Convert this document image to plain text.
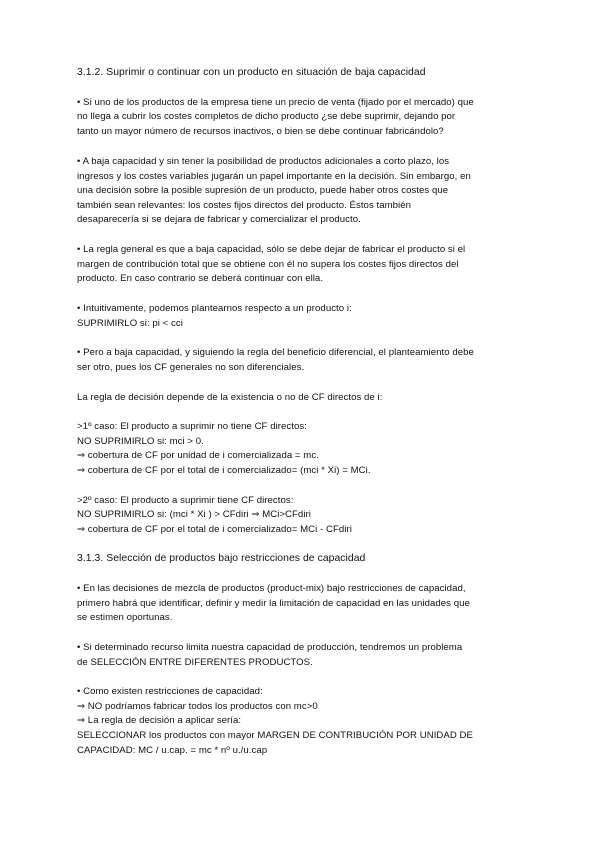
3.1.2. Suprimir o continuar con un producto en situación de baja capacidad
• Si uno de los productos de la empresa tiene un precio de venta (fijado por el mercado) que
no llega a cubrir los costes completos de dicho producto ¿se debe suprimir, dejando por
tanto un mayor número de recursos inactivos, o bien se debe continuar fabricándolo?
• A baja capacidad y sin tener la posibilidad de productos adicionales a corto plazo, los
ingresos y los costes variables jugarán un papel importante en la decisión. Sin embargo, en
una decisión sobre la posible supresión de un producto, puede haber otros costes que
también sean relevantes: los costes fijos directos del producto. Éstos también
desaparecería si se dejara de fabricar y comercializar el producto.
• La regla general es que a baja capacidad, sólo se debe dejar de fabricar el producto si el
margen de contribución total que se obtiene con él no supera los costes fijos directos del
producto. En caso contrario se deberá continuar con ella.
• Intuitivamente, podemos plantearnos respecto a un producto i:
SUPRIMIRLO si: pi < cci
• Pero a baja capacidad, y siguiendo la regla del beneficio diferencial, el planteamiento debe
ser otro, pues los CF generales no son diferenciales.
La regla de decisión depende de la existencia o no de CF directos de i:
>1º caso: El producto a suprimir no tiene CF directos:
NO SUPRIMIRLO si: mci > 0.
⇒ cobertura de CF por unidad de i comercializada = mc.
⇒ cobertura de CF por el total de i comercializado= (mci * Xi) = MCi.
>2º caso: El producto a suprimir tiene CF directos:
NO SUPRIMIRLO si: (mci * Xi ) > CFdiri ⇒ MCi>CFdiri
⇒ cobertura de CF por el total de i comercializado= MCi - CFdiri
3.1.3. Selección de productos bajo restricciones de capacidad
• En las decisiones de mezcla de productos (product-mix) bajo restricciones de capacidad,
primero habrá que identificar, definir y medir la limitación de capacidad en las unidades que
se estimen oportunas.
• Si determinado recurso limita nuestra capacidad de producción, tendremos un problema
de SELECCIÓN ENTRE DIFERENTES PRODUCTOS.
• Como existen restricciones de capacidad:
⇒ NO podríamos fabricar todos los productos con mc>0
⇒ La regla de decisión a aplicar sería:
SELECCIONAR los productos con mayor MARGEN DE CONTRIBUCIÓN POR UNIDAD DE
CAPACIDAD: MC / u.cap. = mc * nº u./u.cap
